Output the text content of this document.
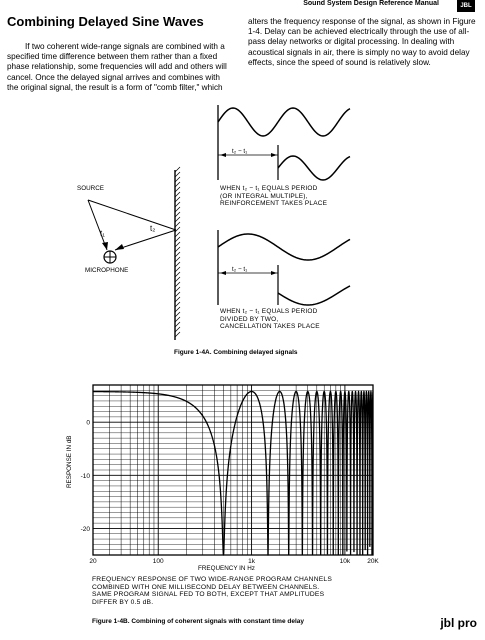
Sound System Design Reference Manual	JBL
Combining Delayed Sine Waves
If two coherent wide-range signals are combined with a specified time difference between them rather than a fixed phase relationship, some frequencies will add and others will cancel. Once the delayed signal arrives and combines with the original signal, the result is a form of "comb filter," which
alters the frequency response of the signal, as shown in Figure 1-4. Delay can be achieved electrically through the use of all-pass delay networks or digital processing. In dealing with acoustical signals in air, there is simply no way to avoid delay effects, since the speed of sound is relatively slow.
SOURCE
t₁
t₂
MICROPHONE
t₂ − t₁
t₂ − t₁
WHEN t₂ − t₁ EQUALS PERIOD
(OR INTEGRAL MULTIPLE),
REINFORCEMENT TAKES PLACE
WHEN t₂ − t₁ EQUALS PERIOD
DIVIDED BY TWO,
CANCELLATION TAKES PLACE
Figure 1-4A. Combining delayed signals
20	100	1k	10k	20K
0
-10
-20
FREQUENCY IN Hz
RESPONSE IN dB
FREQUENCY RESPONSE OF TWO WIDE-RANGE PROGRAM CHANNELS
COMBINED WITH ONE MILLISECOND DELAY BETWEEN CHANNELS.
SAME PROGRAM SIGNAL FED TO BOTH, EXCEPT THAT AMPLITUDES
DIFFER BY 0.5 dB.
Figure 1-4B. Combining of coherent signals with constant time delay	jbl pro
